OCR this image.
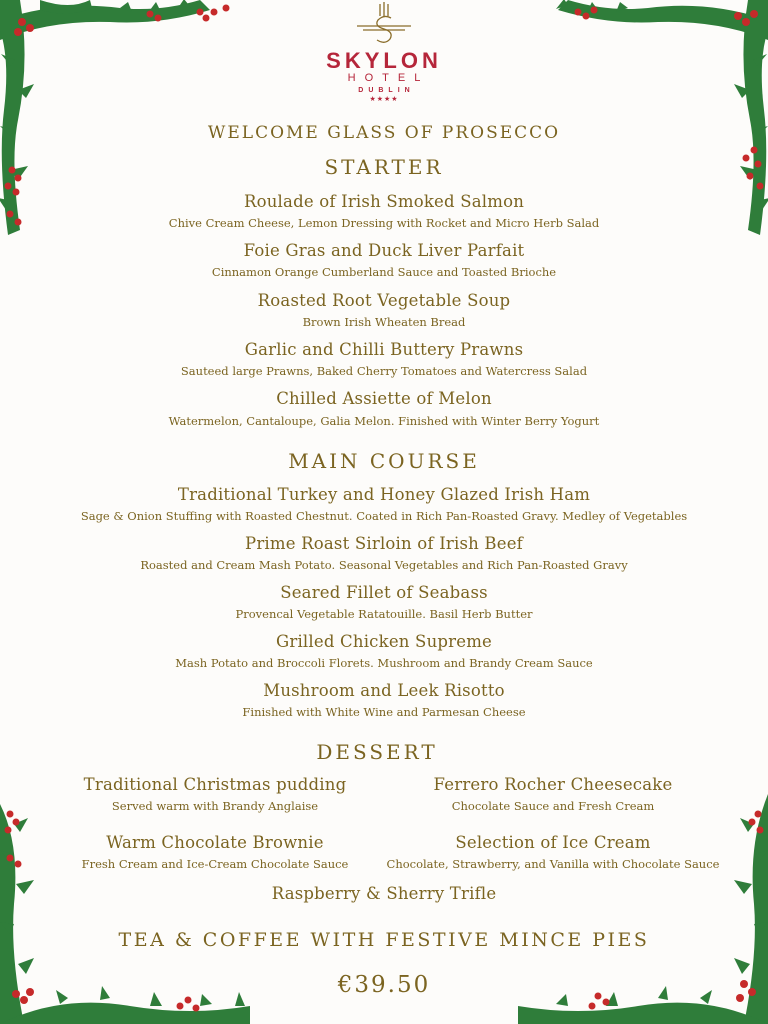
SKYLON
HOTEL
DUBLIN
★★★★
WELCOME GLASS OF PROSECCO
STARTER
Roulade of Irish Smoked Salmon
Chive Cream Cheese, Lemon Dressing with Rocket and Micro Herb Salad
Foie Gras and Duck Liver Parfait
Cinnamon Orange Cumberland Sauce and Toasted Brioche
Roasted Root Vegetable Soup
Brown Irish Wheaten Bread
Garlic and Chilli Buttery Prawns
Sauteed large Prawns, Baked Cherry Tomatoes and Watercress Salad
Chilled Assiette of Melon
Watermelon, Cantaloupe, Galia Melon. Finished with Winter Berry Yogurt
MAIN COURSE
Traditional Turkey and Honey Glazed Irish Ham
Sage & Onion Stuffing with Roasted Chestnut. Coated in Rich Pan-Roasted Gravy. Medley of Vegetables
Prime Roast Sirloin of Irish Beef
Roasted and Cream Mash Potato. Seasonal Vegetables and Rich Pan-Roasted Gravy
Seared Fillet of Seabass
Provencal Vegetable Ratatouille. Basil Herb Butter
Grilled Chicken Supreme
Mash Potato and Broccoli Florets. Mushroom and Brandy Cream Sauce
Mushroom and Leek Risotto
Finished with White Wine and Parmesan Cheese
DESSERT
Traditional Christmas pudding
Served warm with Brandy Anglaise
Ferrero Rocher Cheesecake
Chocolate Sauce and Fresh Cream
Warm Chocolate Brownie
Fresh Cream and Ice-Cream Chocolate Sauce
Selection of Ice Cream
Chocolate, Strawberry, and Vanilla with Chocolate Sauce
Raspberry & Sherry Trifle
TEA & COFFEE WITH FESTIVE MINCE PIES
€39.50
